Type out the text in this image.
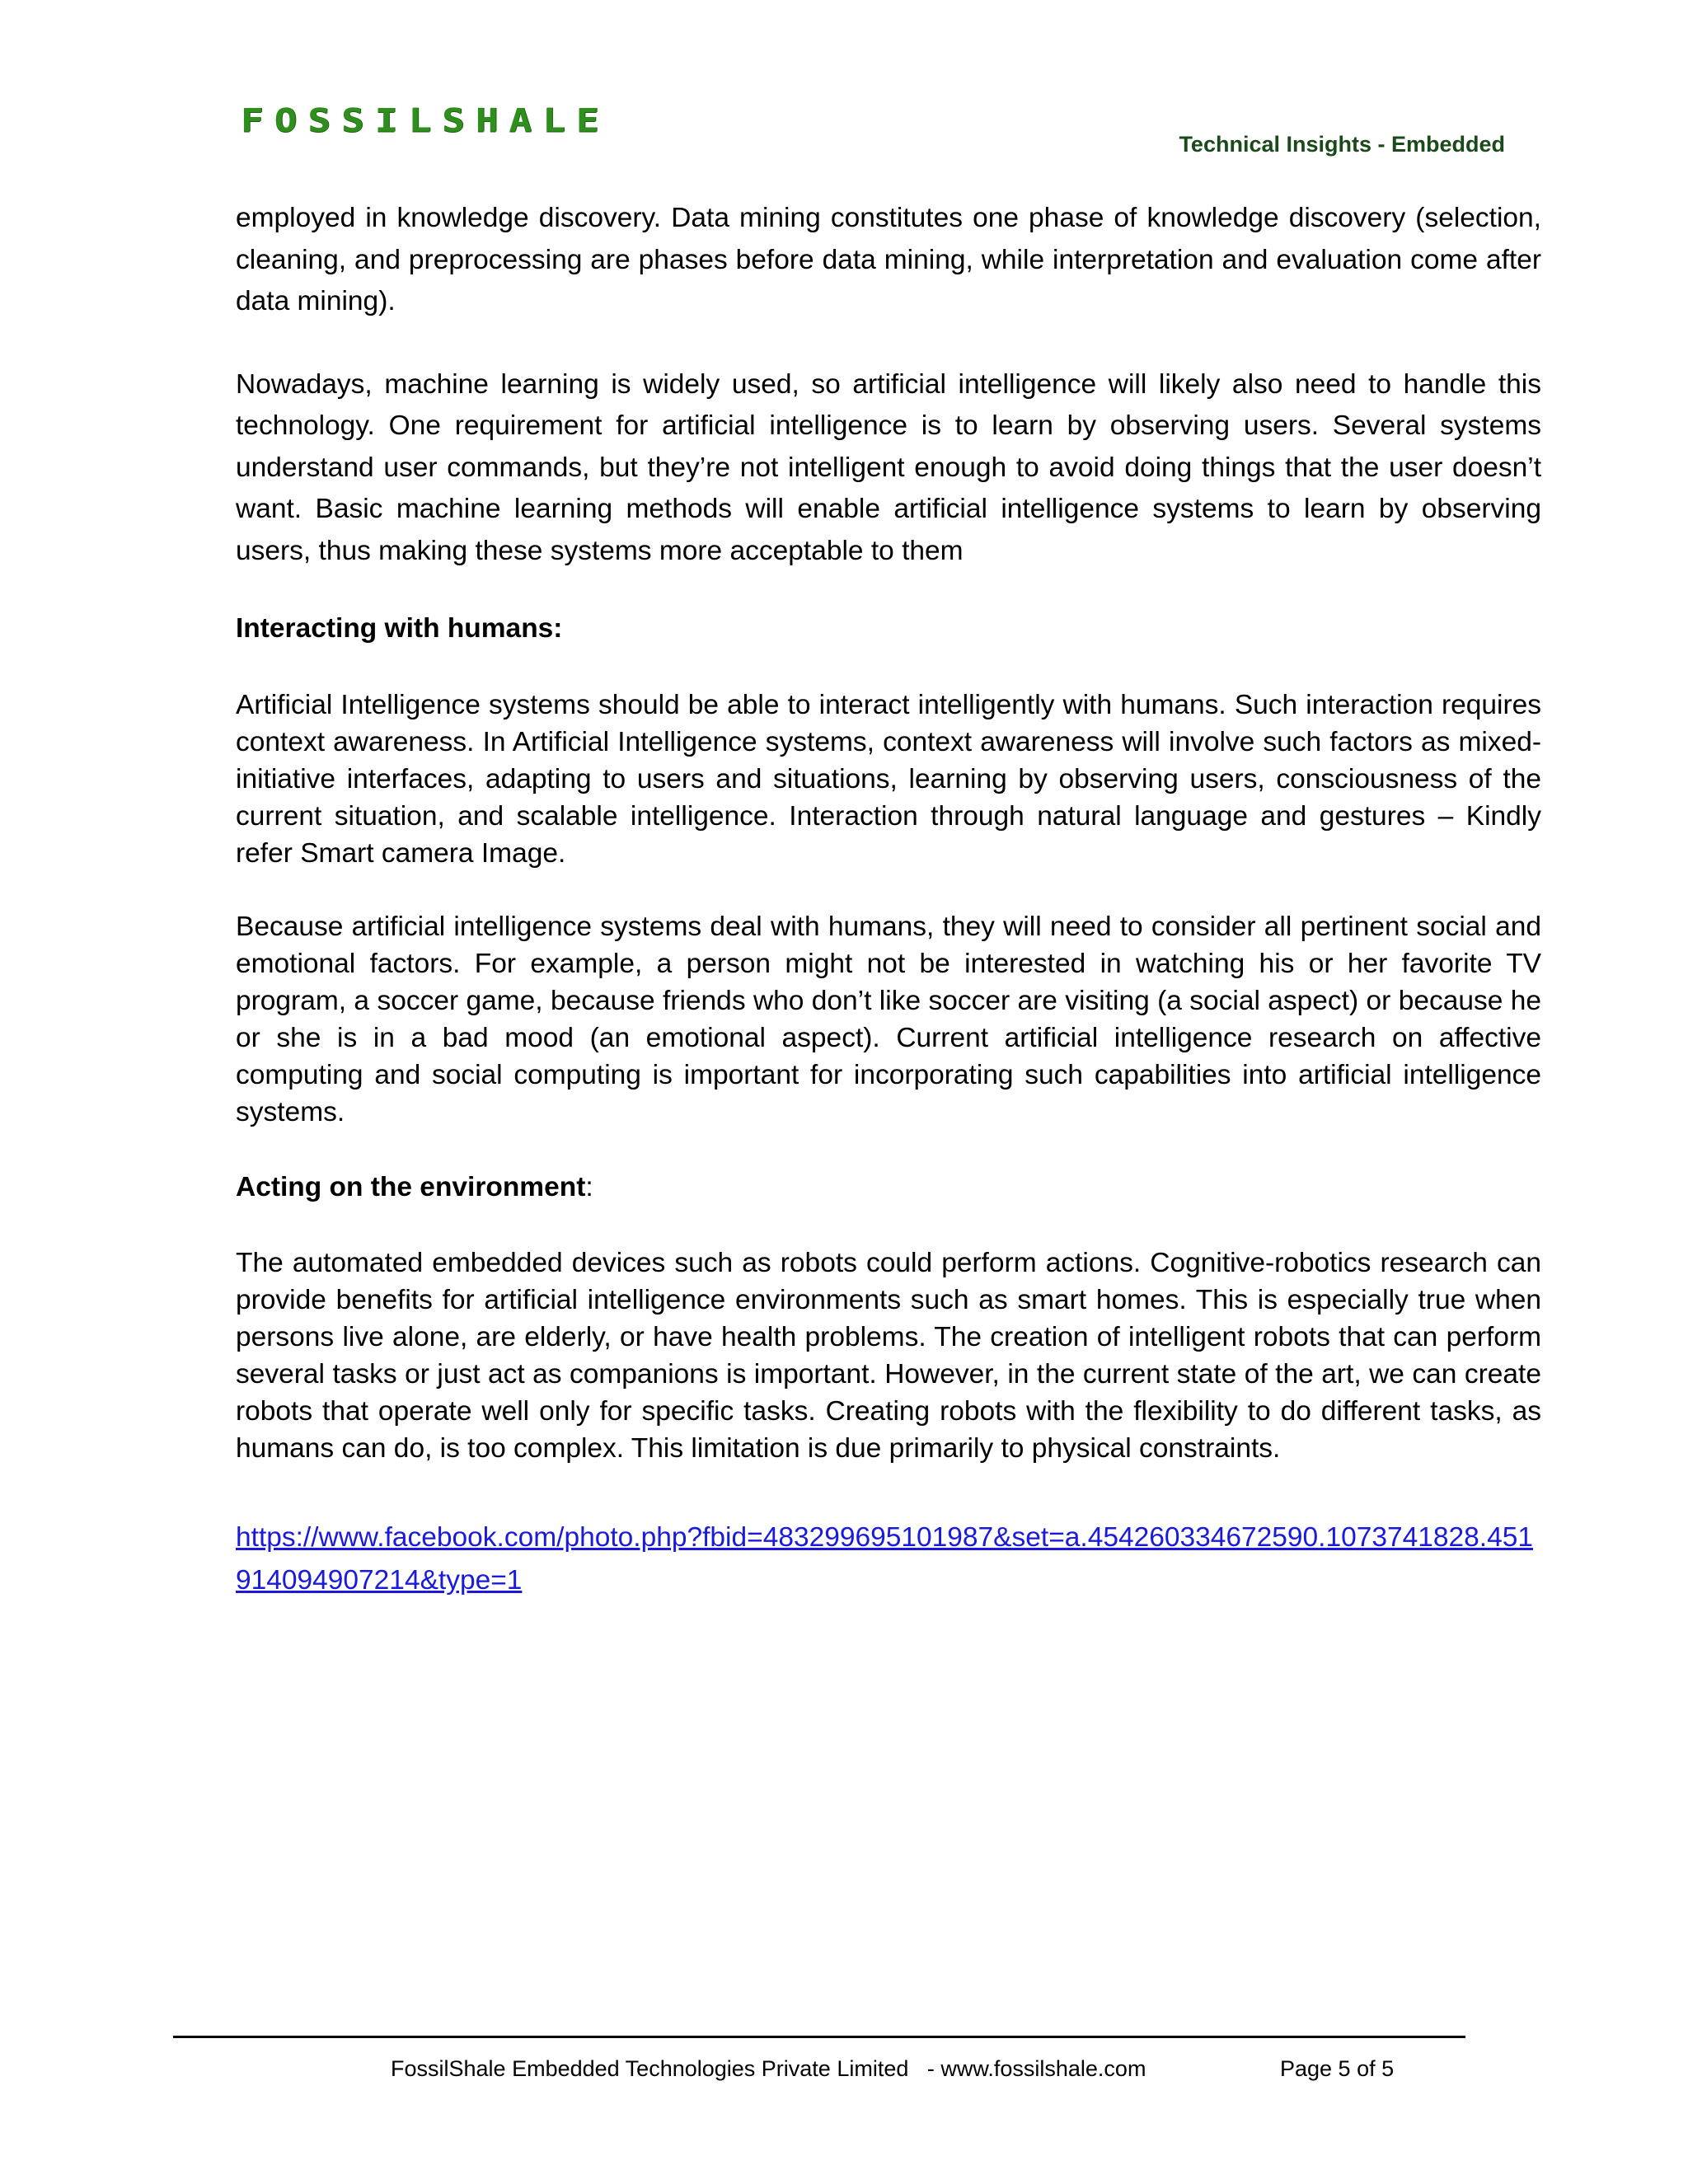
FOSSILSHALE
Technical Insights - Embedded

employed in knowledge discovery. Data mining constitutes one phase of knowledge discovery (selection, cleaning, and preprocessing are phases before data mining, while interpretation and evaluation come after data mining).

Nowadays, machine learning is widely used, so artificial intelligence will likely also need to handle this technology. One requirement for artificial intelligence is to learn by observing users. Several systems understand user commands, but they’re not intelligent enough to avoid doing things that the user doesn’t want. Basic machine learning methods will enable artificial intelligence systems to learn by observing users, thus making these systems more acceptable to them

Interacting with humans:

Artificial Intelligence systems should be able to interact intelligently with humans. Such interaction requires context awareness. In Artificial Intelligence systems, context awareness will involve such factors as mixed-initiative interfaces, adapting to users and situations, learning by observing users, consciousness of the current situation, and scalable intelligence. Interaction through natural language and gestures – Kindly refer Smart camera Image.

Because artificial intelligence systems deal with humans, they will need to consider all pertinent social and emotional factors. For example, a person might not be interested in watching his or her favorite TV program, a soccer game, because friends who don’t like soccer are visiting (a social aspect) or because he or she is in a bad mood (an emotional aspect). Current artificial intelligence research on affective computing and social computing is important for incorporating such capabilities into artificial intelligence systems.

Acting on the environment:

The automated embedded devices such as robots could perform actions. Cognitive-robotics research can provide benefits for artificial intelligence environments such as smart homes. This is especially true when persons live alone, are elderly, or have health problems. The creation of intelligent robots that can perform several tasks or just act as companions is important. However, in the current state of the art, we can create robots that operate well only for specific tasks. Creating robots with the flexibility to do different tasks, as humans can do, is too complex. This limitation is due primarily to physical constraints.

https://www.facebook.com/photo.php?fbid=483299695101987&set=a.454260334672590.1073741828.451914094907214&type=1
FossilShale Embedded Technologies Private Limited   - www.fossilshale.com	Page 5 of 5
